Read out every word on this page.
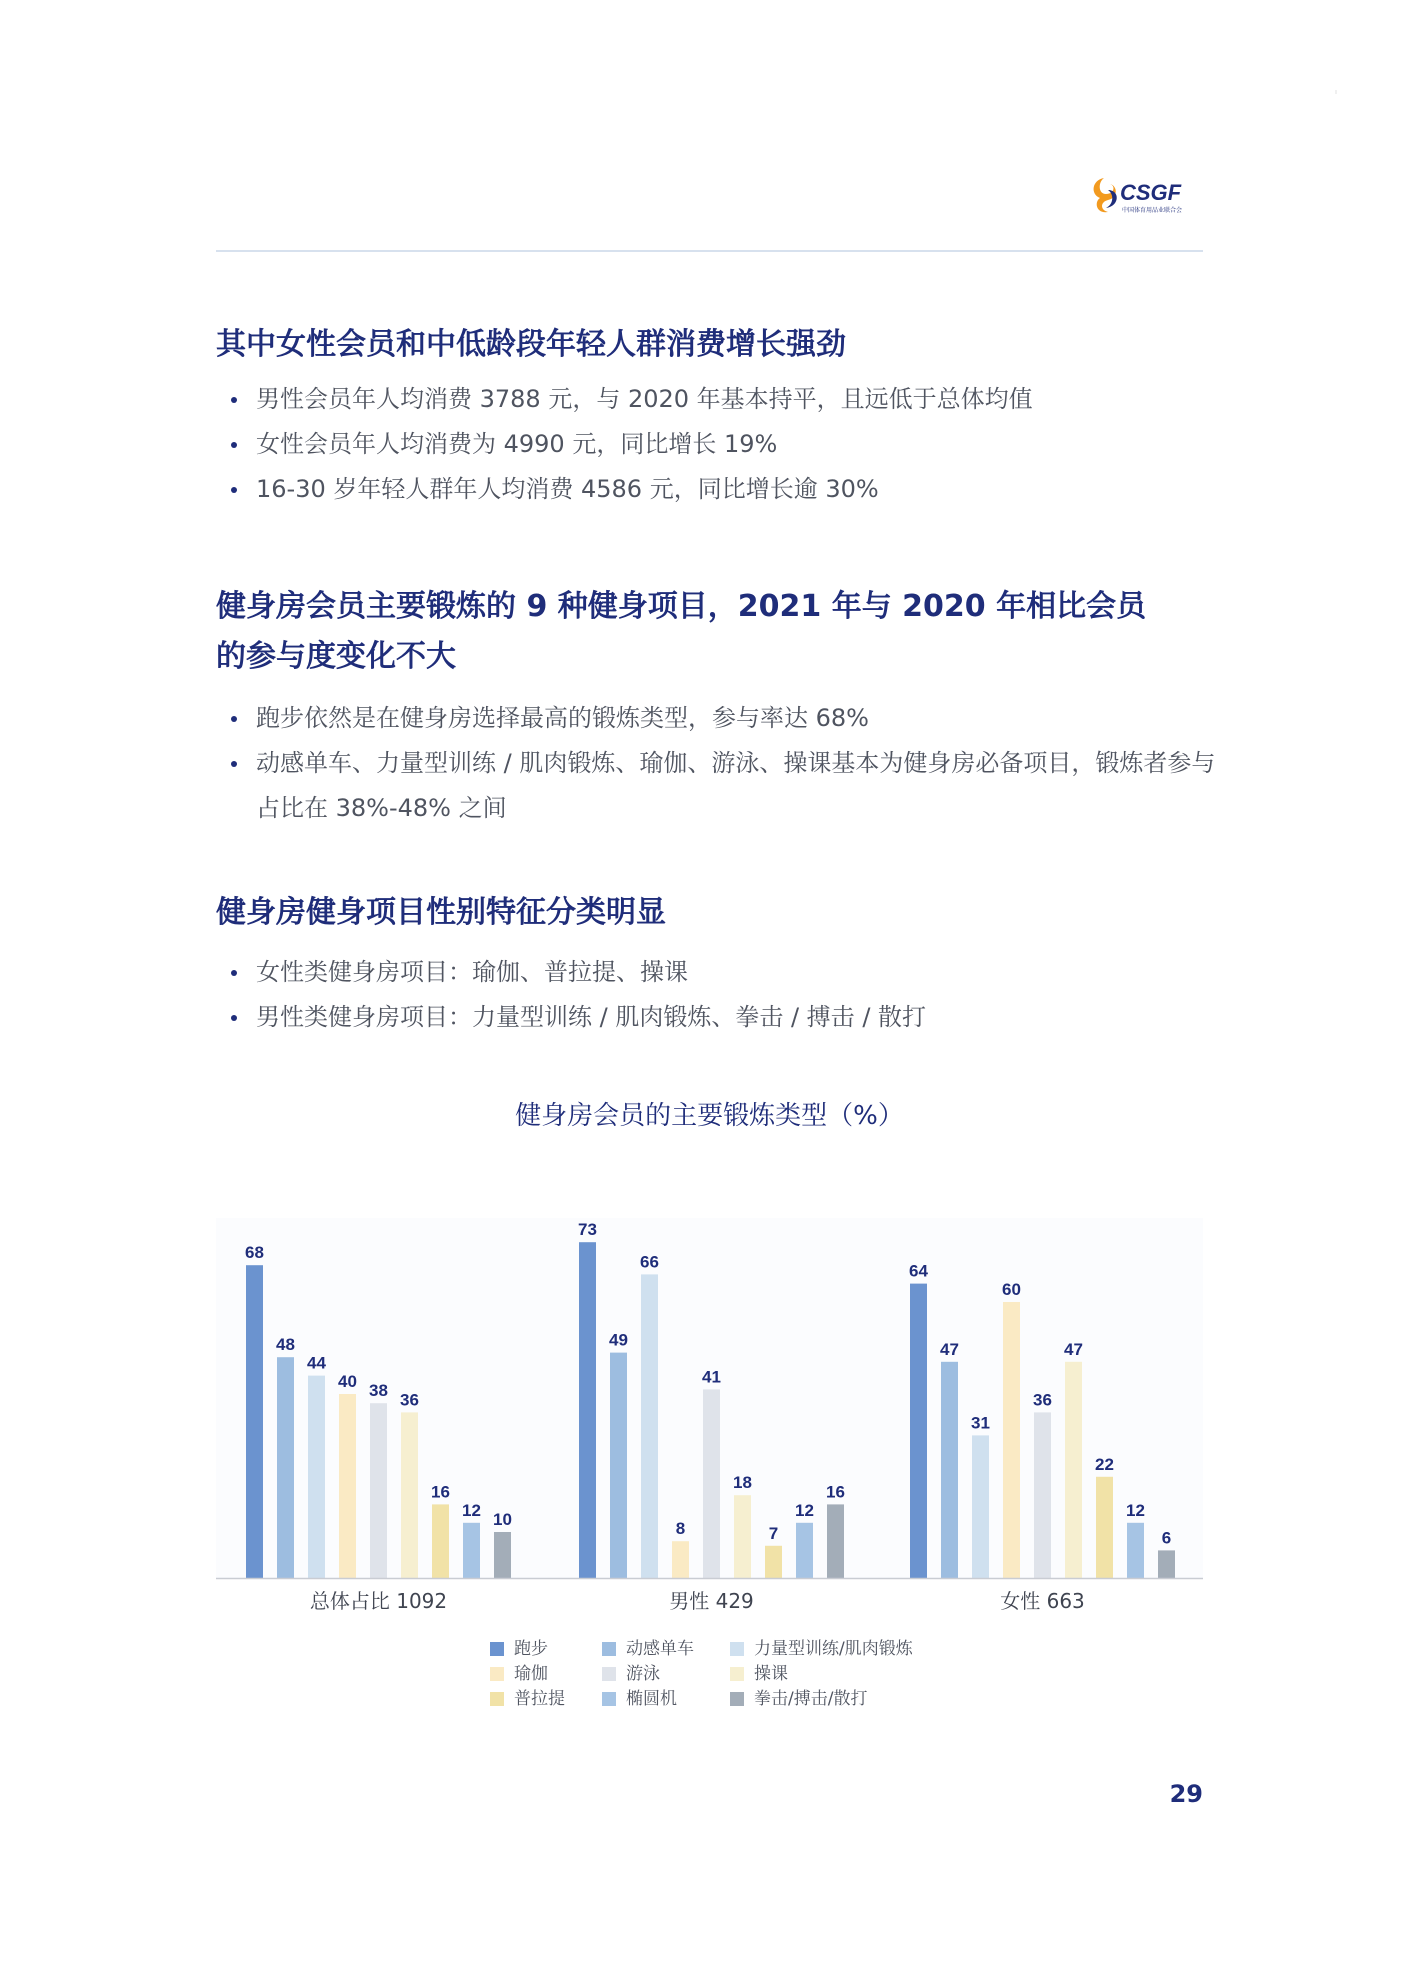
CSGF
中国体育用品业联合会
其中女性会员和中低龄段年轻人群消费增长强劲
男性会员年人均消费 3788 元，与 2020 年基本持平，且远低于总体均值
女性会员年人均消费为 4990 元，同比增长 19%
16-30 岁年轻人群年人均消费 4586 元，同比增长逾 30%
健身房会员主要锻炼的 9 种健身项目，2021 年与 2020 年相比会员
的参与度变化不大
跑步依然是在健身房选择最高的锻炼类型，参与率达 68%
动感单车、力量型训练 / 肌肉锻炼、瑜伽、游泳、操课基本为健身房必备项目，锻炼者参与占比在 38%-48% 之间
健身房健身项目性别特征分类明显
女性类健身房项目：瑜伽、普拉提、操课
男性类健身房项目：力量型训练 / 肌肉锻炼、拳击 / 搏击 / 散打
健身房会员的主要锻炼类型（%）
68
48
44
40 38 36
16
12 10
总体占比 1092
73
49
66
8
41
18
7
12
16
男性 429
64
47
31
60
36
47
22
12
6
女性 663
跑步	动感单车	力量型训练/肌肉锻炼
瑜伽	游泳	操课
普拉提	椭圆机	拳击/搏击/散打
29
